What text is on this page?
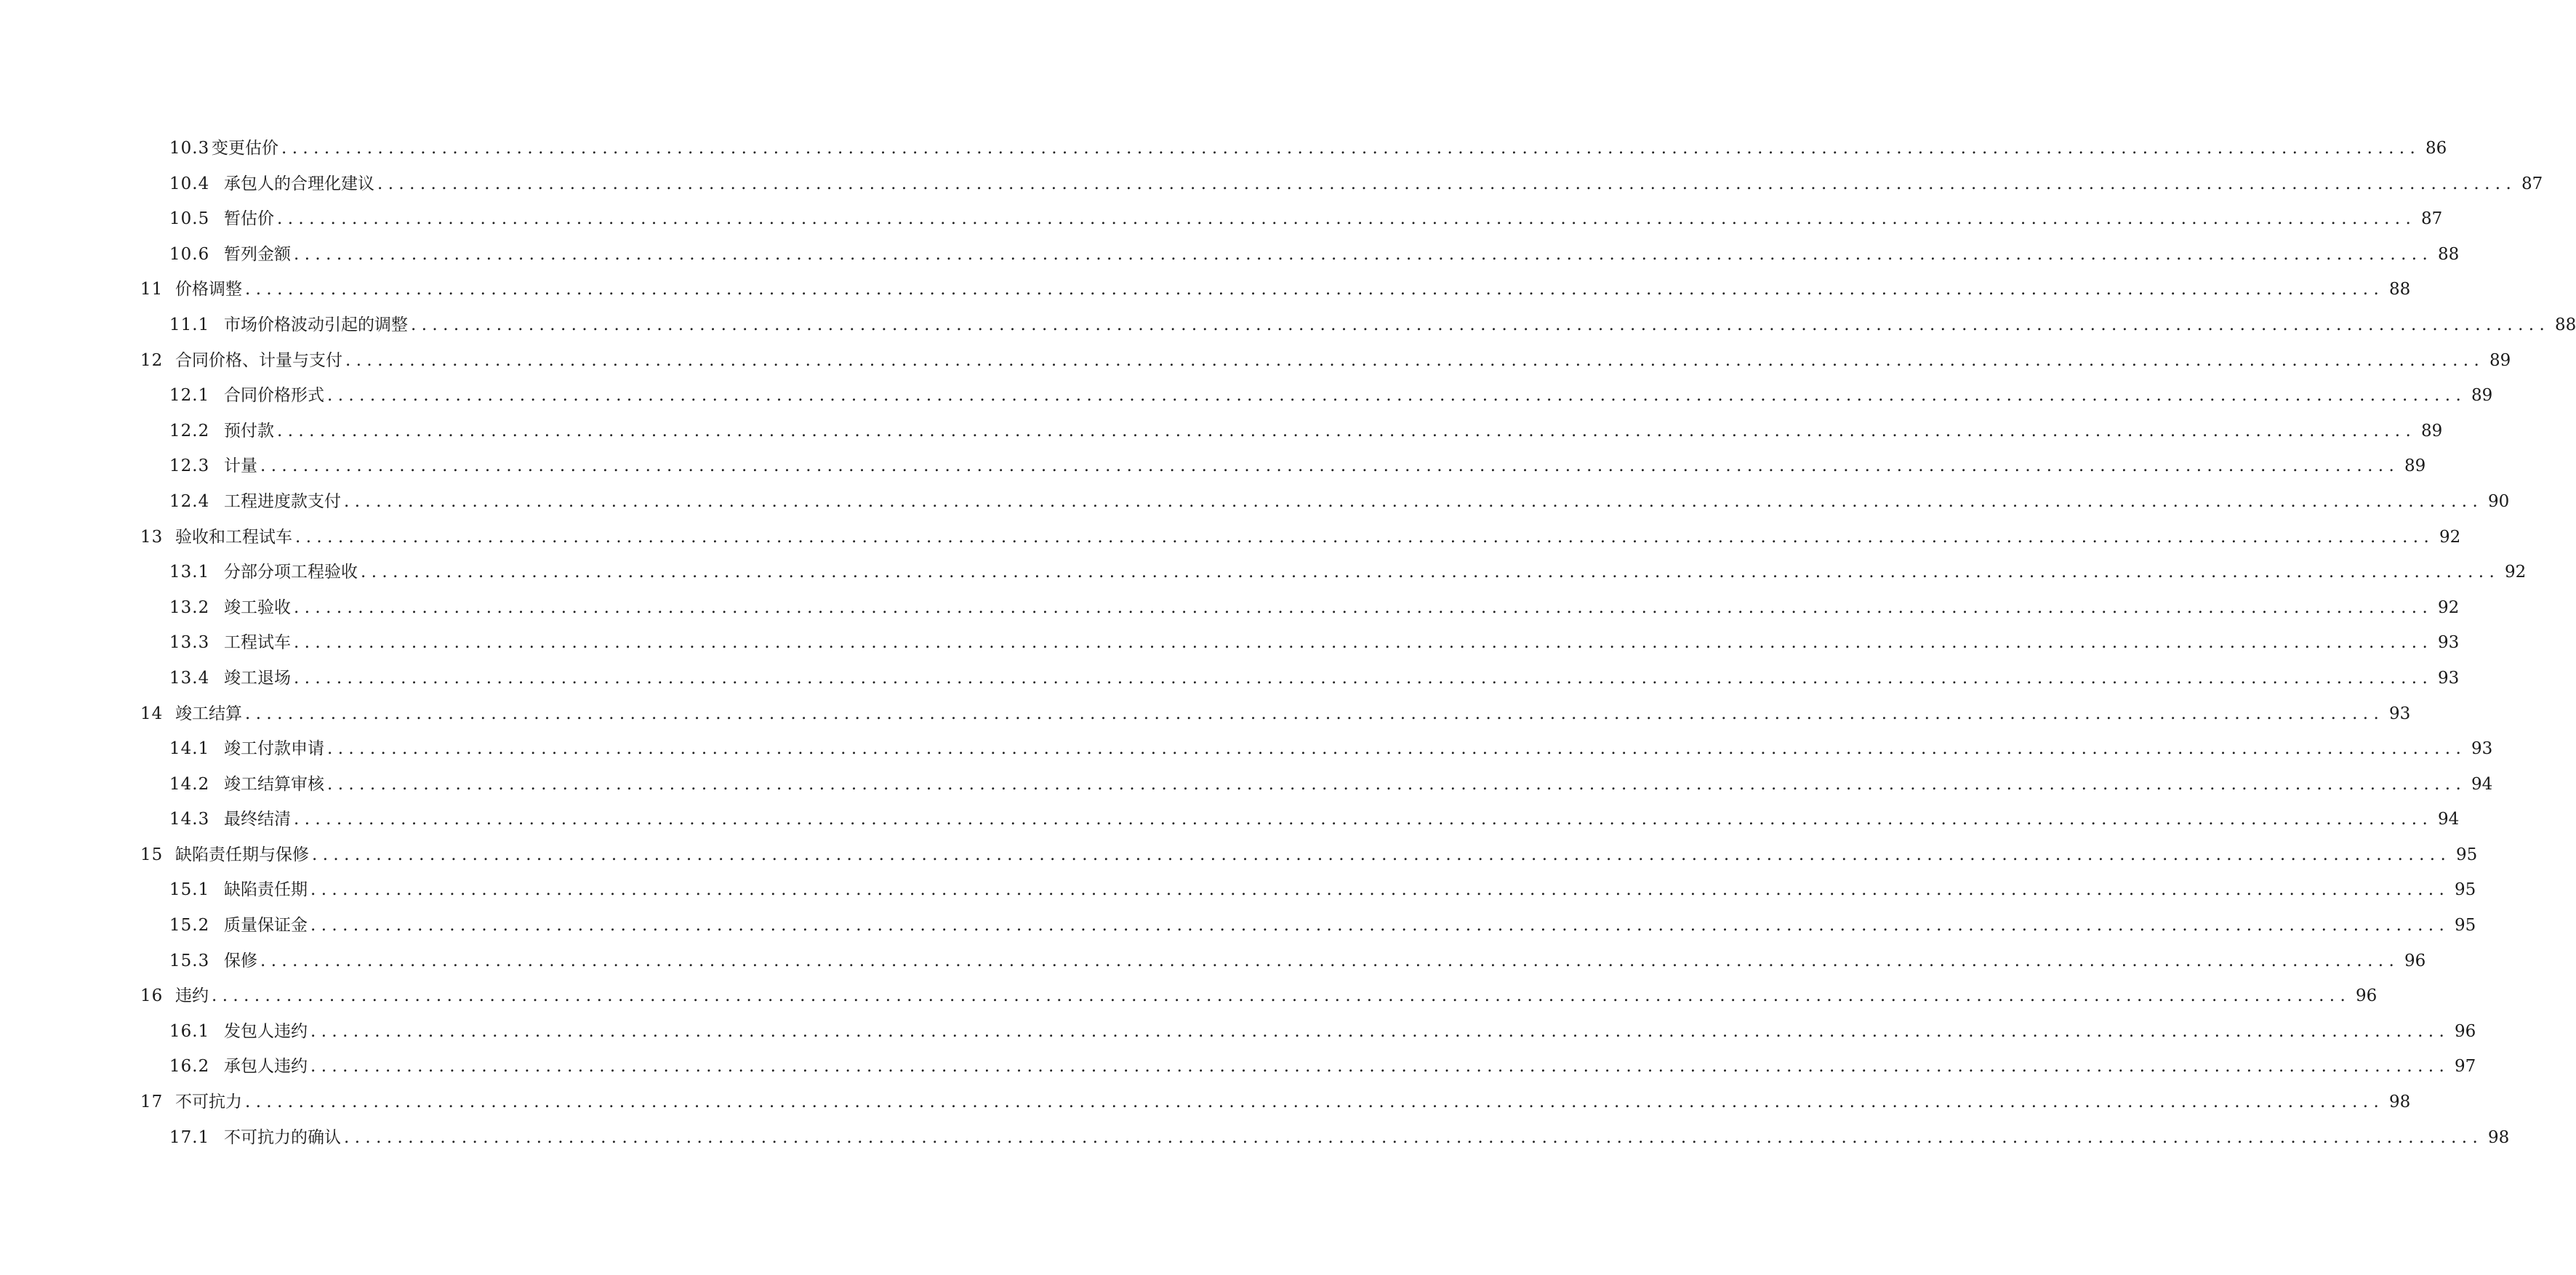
10.3 变更估价 ........................................................................................................................................................................................................ 86
10.4 承包人的合理化建议 ........................................................................................................................................................................................................ 87
10.5 暂估价 ........................................................................................................................................................................................................ 87
10.6 暂列金额 ........................................................................................................................................................................................................ 88
11 价格调整 ........................................................................................................................................................................................................ 88
11.1 市场价格波动引起的调整 ........................................................................................................................................................................................................ 88
12 合同价格、计量与支付 ........................................................................................................................................................................................................ 89
12.1 合同价格形式 ........................................................................................................................................................................................................ 89
12.2 预付款 ........................................................................................................................................................................................................ 89
12.3 计量 ........................................................................................................................................................................................................ 89
12.4 工程进度款支付 ........................................................................................................................................................................................................ 90
13 验收和工程试车 ........................................................................................................................................................................................................ 92
13.1 分部分项工程验收 ........................................................................................................................................................................................................ 92
13.2 竣工验收 ........................................................................................................................................................................................................ 92
13.3 工程试车 ........................................................................................................................................................................................................ 93
13.4 竣工退场 ........................................................................................................................................................................................................ 93
14 竣工结算 ........................................................................................................................................................................................................ 93
14.1 竣工付款申请 ........................................................................................................................................................................................................ 93
14.2 竣工结算审核 ........................................................................................................................................................................................................ 94
14.3 最终结清 ........................................................................................................................................................................................................ 94
15 缺陷责任期与保修 ........................................................................................................................................................................................................ 95
15.1 缺陷责任期 ........................................................................................................................................................................................................ 95
15.2 质量保证金 ........................................................................................................................................................................................................ 95
15.3 保修 ........................................................................................................................................................................................................ 96
16 违约 ........................................................................................................................................................................................................ 96
16.1 发包人违约 ........................................................................................................................................................................................................ 96
16.2 承包人违约 ........................................................................................................................................................................................................ 97
17 不可抗力 ........................................................................................................................................................................................................ 98
17.1 不可抗力的确认 ........................................................................................................................................................................................................ 98
